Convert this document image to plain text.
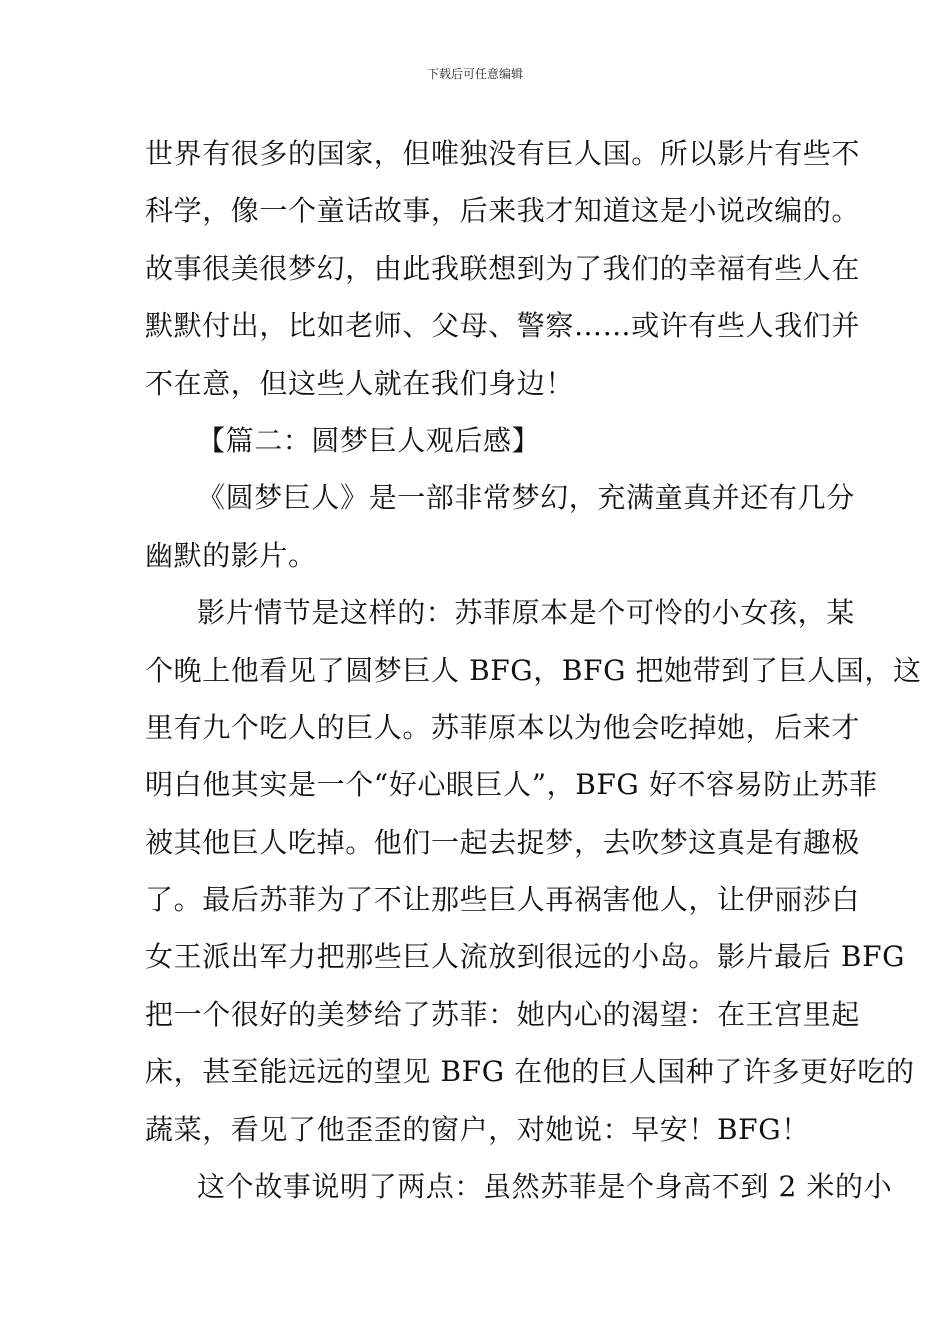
下载后可任意编辑
世界有很多的国家，但唯独没有巨人国。所以影片有些不
科学，像一个童话故事，后来我才知道这是小说改编的。
故事很美很梦幻，由此我联想到为了我们的幸福有些人在
默默付出，比如老师、父母、警察……或许有些人我们并
不在意，但这些人就在我们身边！
【篇二：圆梦巨人观后感】
《圆梦巨人》是一部非常梦幻，充满童真并还有几分
幽默的影片。
影片情节是这样的：苏菲原本是个可怜的小女孩，某
个晚上他看见了圆梦巨人 BFG，BFG 把她带到了巨人国，这
里有九个吃人的巨人。苏菲原本以为他会吃掉她，后来才
明白他其实是一个“好心眼巨人”，BFG 好不容易防止苏菲
被其他巨人吃掉。他们一起去捉梦，去吹梦这真是有趣极
了。最后苏菲为了不让那些巨人再祸害他人，让伊丽莎白
女王派出军力把那些巨人流放到很远的小岛。影片最后 BFG
把一个很好的美梦给了苏菲：她内心的渴望：在王宫里起
床，甚至能远远的望见 BFG 在他的巨人国种了许多更好吃的
蔬菜，看见了他歪歪的窗户，对她说：早安！BFG！
这个故事说明了两点：虽然苏菲是个身高不到 2 米的小
